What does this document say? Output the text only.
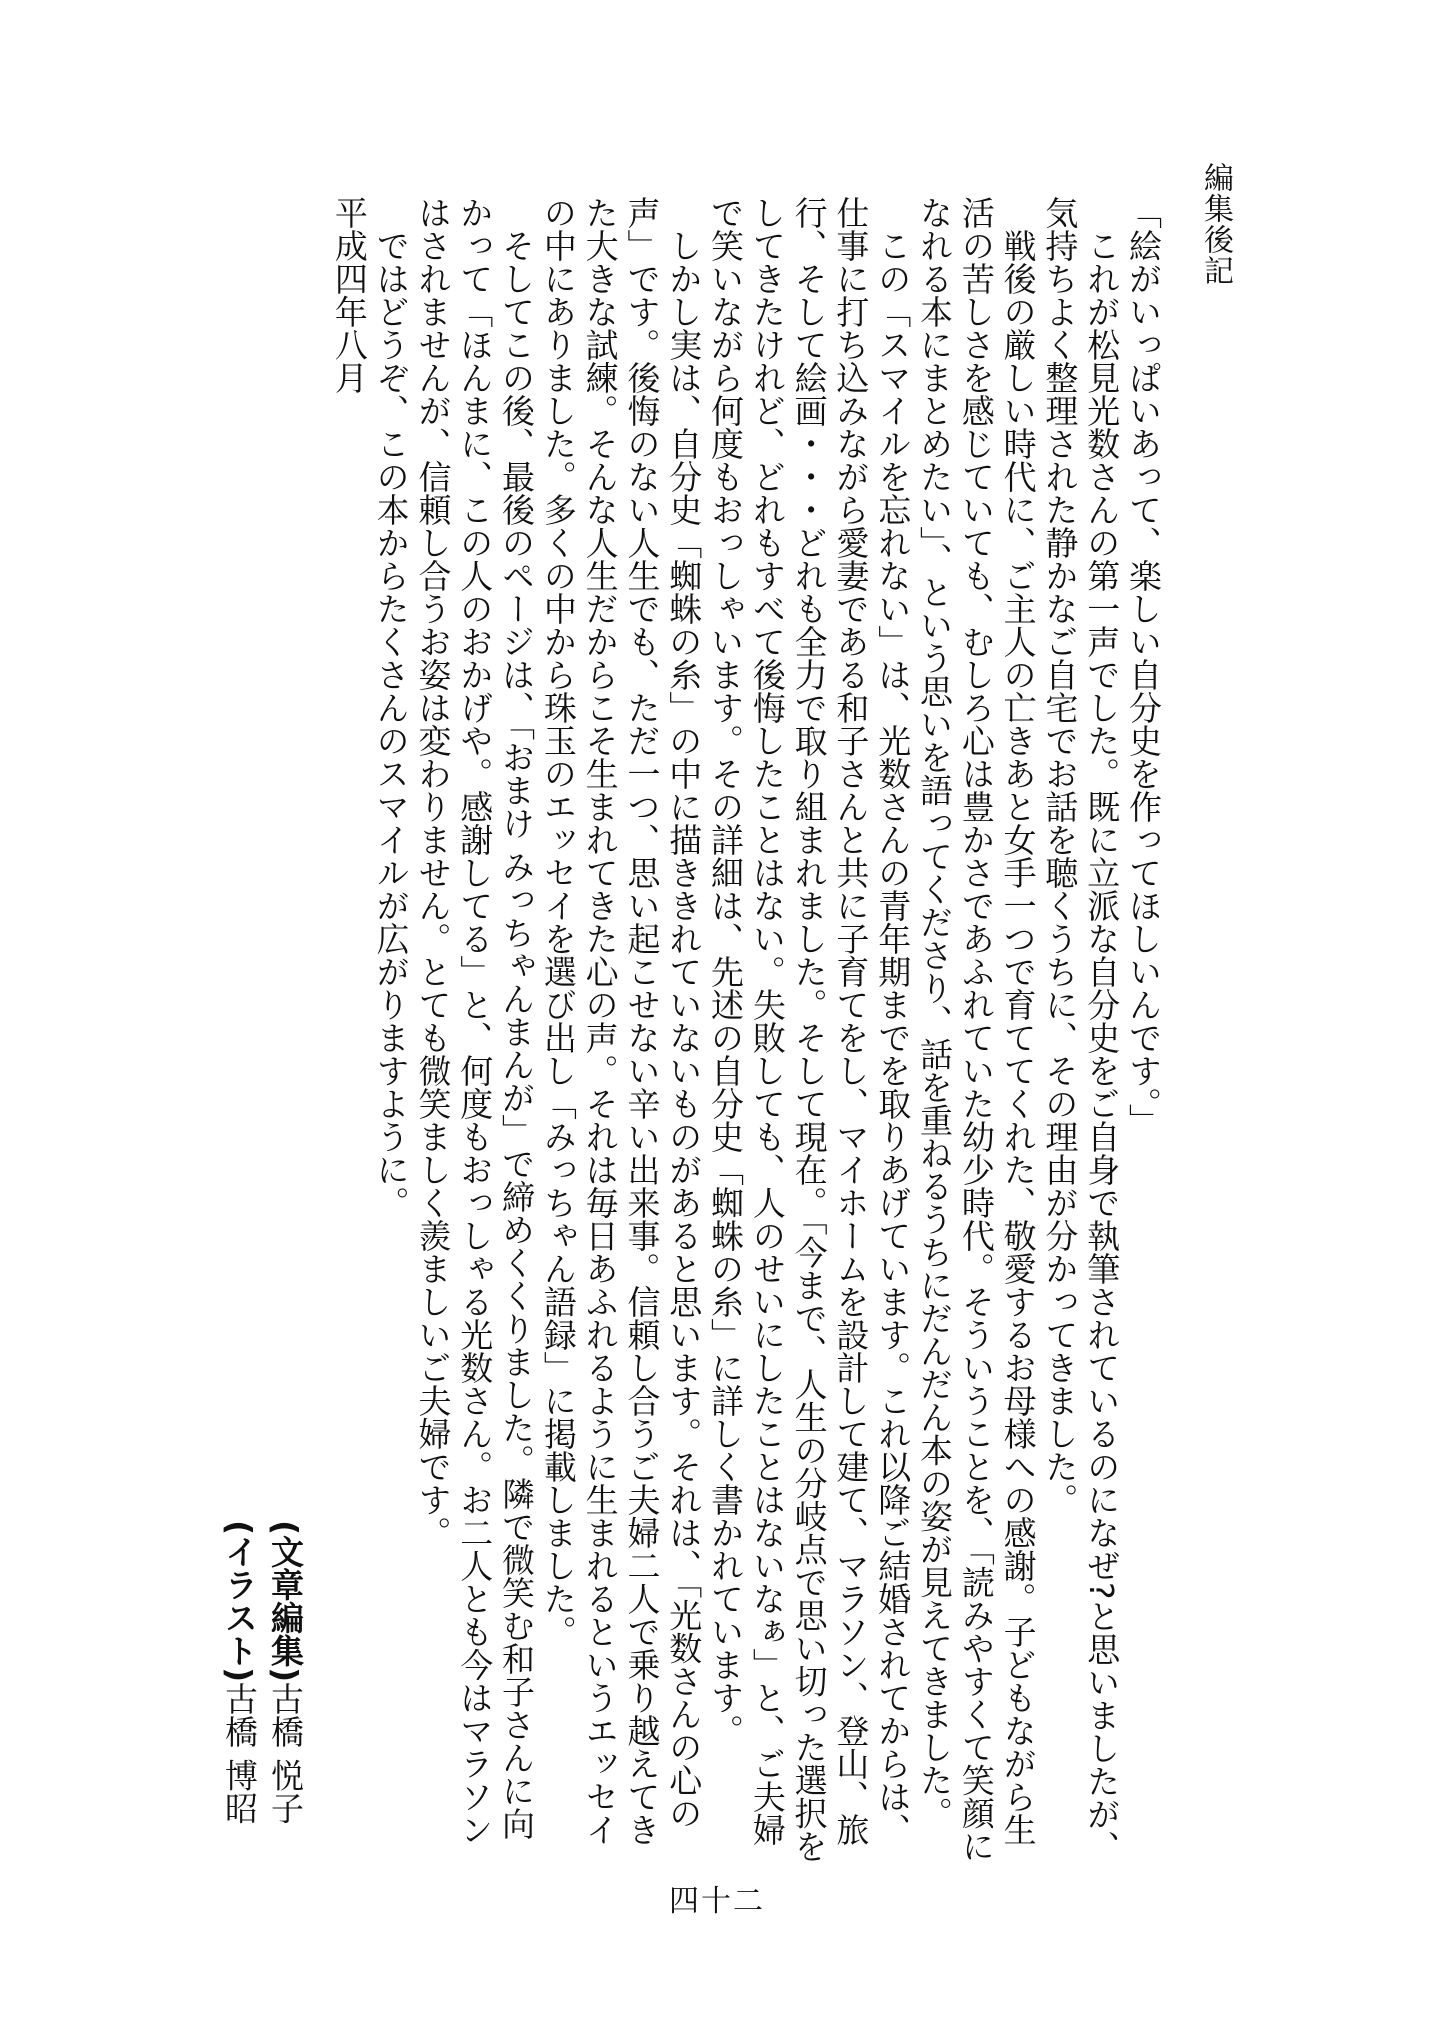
編集後記

「絵がいっぱいあって、楽しい自分史を作ってほしいんです。」

これが松見光数さんの第一声でした。既に立派な自分史をご自身で執筆されているのになぜ?と思いましたが、気持ちよく整理された静かなご自宅でお話を聴くうちに、その理由が分かってきました。

戦後の厳しい時代に、ご主人の亡きあと女手一つで育ててくれた、敬愛するお母様への感謝。子どもながら生活の苦しさを感じていても、むしろ心は豊かさであふれていた幼少時代。そういうことを、「読みやすくて笑顔になれる本にまとめたい」、という思いを語ってくださり、話を重ねるうちにだんだん本の姿が見えてきました。

この「スマイルを忘れない」は、光数さんの青年期までを取りあげています。これ以降ご結婚されてからは、仕事に打ち込みながら愛妻である和子さんと共に子育てをし、マイホームを設計して建て、マラソン、登山、旅行、そして絵画・・・どれも全力で取り組まれました。そして現在。「今まで、人生の分岐点で思い切った選択をしてきたけれど、どれもすべて後悔したことはない。失敗しても、人のせいにしたことはないなぁ」と、ご夫婦で笑いながら何度もおっしゃいます。その詳細は、先述の自分史「蜘蛛の糸」に詳しく書かれています。

しかし実は、自分史「蜘蛛の糸」の中に描ききれていないものがあると思います。それは、「光数さんの心の声」です。後悔のない人生でも、ただ一つ、思い起こせない辛い出来事。信頼し合うご夫婦二人で乗り越えてきた大きな試練。そんな人生だからこそ生まれてきた心の声。それは毎日あふれるように生まれるというエッセイの中にありました。多くの中から珠玉のエッセイを選び出し「みっちゃん語録」に掲載しました。

そしてこの後、最後のページは、「おまけ みっちゃんまんが」で締めくくりました。隣で微笑む和子さんに向かって「ほんまに、この人のおかげや。感謝してる」と、何度もおっしゃる光数さん。お二人とも今はマラソンはされませんが、信頼し合うお姿は変わりません。とても微笑ましく羨ましいご夫婦です。

ではどうぞ、この本からたくさんのスマイルが広がりますように。

平成四年八月

(文章編集)古橋 悦子

(イラスト)古橋 博昭

四十二
